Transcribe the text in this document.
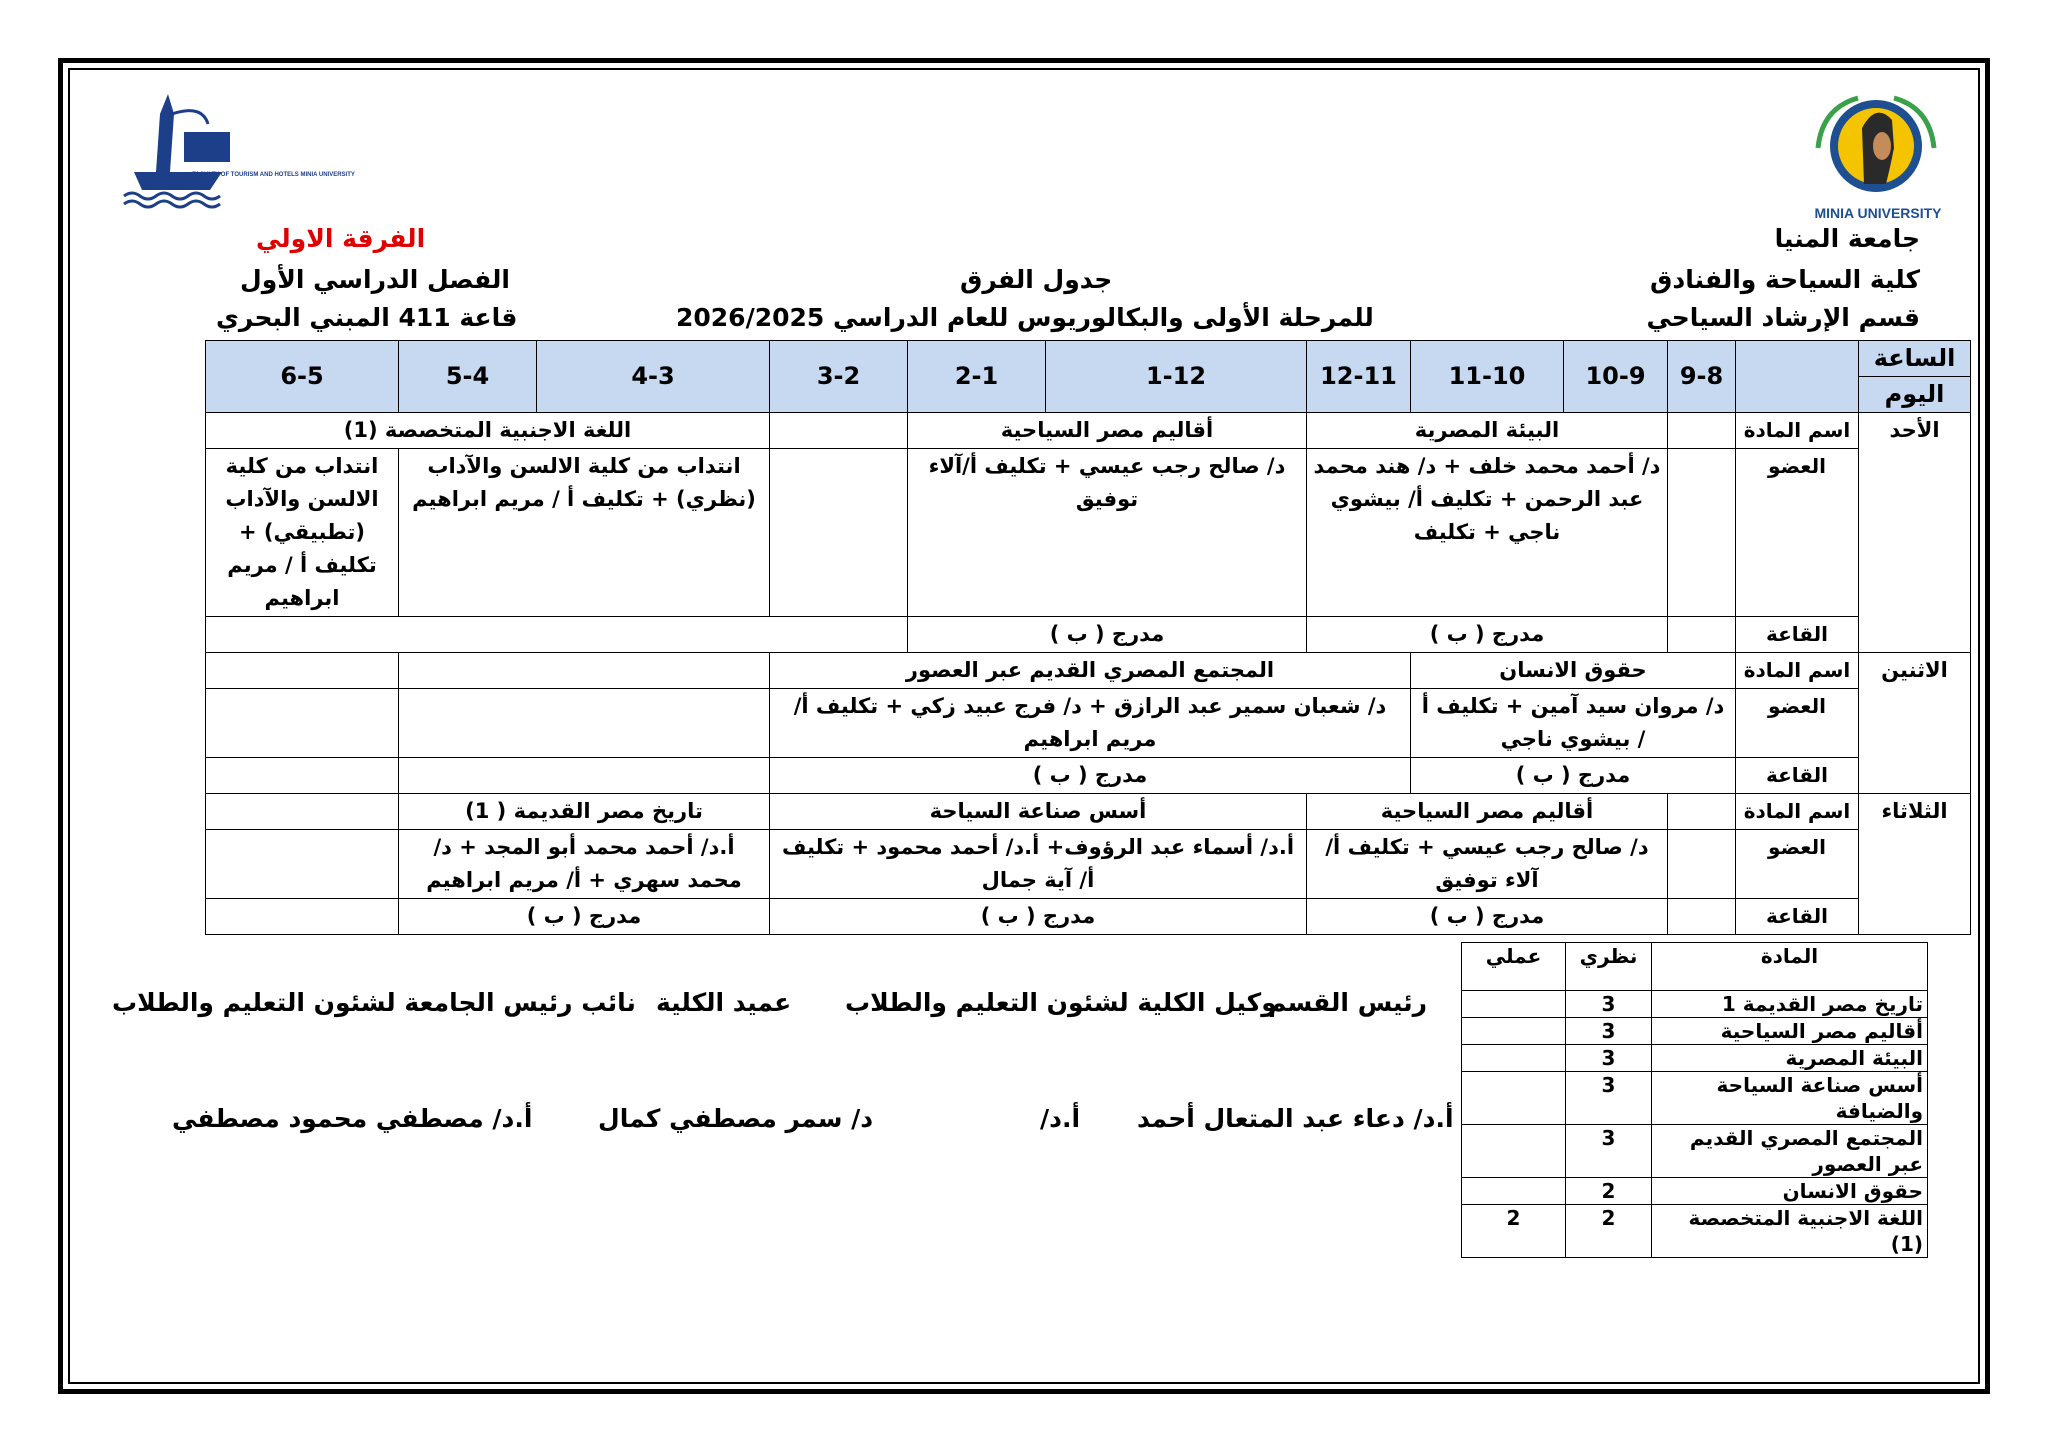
MINIA UNIVERSITY
FACULTY OF TOURISM AND HOTELS MINIA UNIVERSITY
جامعة المنيا
كلية السياحة والفنادق
قسم الإرشاد السياحي
جدول الفرق
للمرحلة الأولى والبكالوريوس للعام الدراسي 2026/2025
الفرقة الاولي
الفصل الدراسي الأول
قاعة 411 المبني البحري
الساعة		9-8	10-9	11-10	12-11	1-12	2-1	3-2	4-3	5-4	6-5
اليوم											
الأحد	اسم المادة		البيئة المصرية			أقاليم مصر السياحية			اللغة الاجنبية المتخصصة (1)		
	العضو		د/ أحمد محمد خلف + د/ هند محمد عبد الرحمن + تكليف أ/ بيشوي ناجي + تكليف			د/ صالح رجب عيسي + تكليف أ/آلاء توفيق			انتداب من كلية الالسن والآداب (نظري) + تكليف أ / مريم ابراهيم		انتداب من كلية الالسن والآداب (تطبيقي) + تكليف أ / مريم ابراهيم
	القاعة		مدرج ( ب )			مدرج ( ب )					
الاثنين	اسم المادة	حقوق الانسان			المجتمع المصري القديم عبر العصور						
	العضو	د/ مروان سيد آمين + تكليف أ / بيشوي ناجي			د/ شعبان سمير عبد الرازق + د/ فرج عبيد زكي + تكليف أ/ مريم ابراهيم						
	القاعة	مدرج ( ب )			مدرج ( ب )						
الثلاثاء	اسم المادة		أقاليم مصر السياحية			أسس صناعة السياحة			تاريخ مصر القديمة ( 1)		
	العضو		د/ صالح رجب عيسي + تكليف أ/آلاء توفيق			أ.د/ أسماء عبد الرؤوف+ أ.د/ أحمد محمود + تكليف أ/ آية جمال			أ.د/ أحمد محمد أبو المجد + د/ محمد سهري + أ/ مريم ابراهيم		
	القاعة		مدرج ( ب )			مدرج ( ب )			مدرج ( ب )		
المادة	نظري	عملي
تاريخ مصر القديمة 1	3	
أقاليم مصر السياحية	3	
البيئة المصرية	3	
أسس صناعة السياحة والضيافة	3	
المجتمع المصري القديم عبر العصور	3	
حقوق الانسان	2	
اللغة الاجنبية المتخصصة (1)	2	2
رئيس القسم
وكيل الكلية لشئون التعليم والطلاب
عميد الكلية
نائب رئيس الجامعة لشئون التعليم والطلاب
أ.د/ دعاء عبد المتعال أحمد
أ.د/
د/ سمر مصطفي كمال
أ.د/ مصطفي محمود مصطفي
